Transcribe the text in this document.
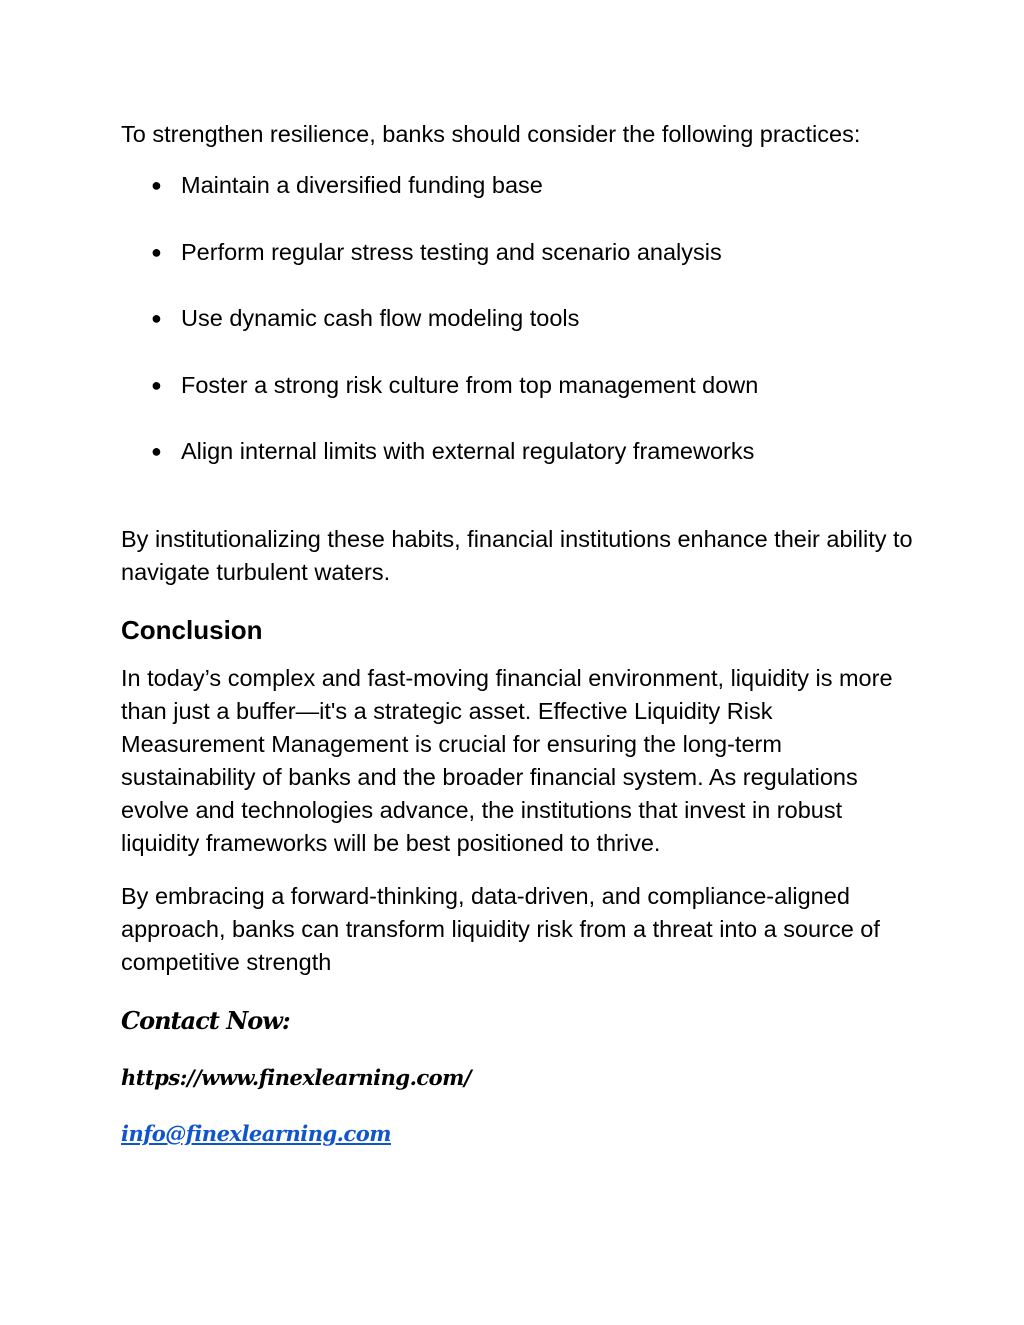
To strengthen resilience, banks should consider the following practices:

● Maintain a diversified funding base
● Perform regular stress testing and scenario analysis
● Use dynamic cash flow modeling tools
● Foster a strong risk culture from top management down
● Align internal limits with external regulatory frameworks

By institutionalizing these habits, financial institutions enhance their ability to navigate turbulent waters.

Conclusion

In today’s complex and fast-moving financial environment, liquidity is more than just a buffer—it's a strategic asset. Effective Liquidity Risk Measurement Management is crucial for ensuring the long-term sustainability of banks and the broader financial system. As regulations evolve and technologies advance, the institutions that invest in robust liquidity frameworks will be best positioned to thrive.

By embracing a forward-thinking, data-driven, and compliance-aligned approach, banks can transform liquidity risk from a threat into a source of competitive strength

Contact Now:
https://www.finexlearning.com/
info@finexlearning.com
